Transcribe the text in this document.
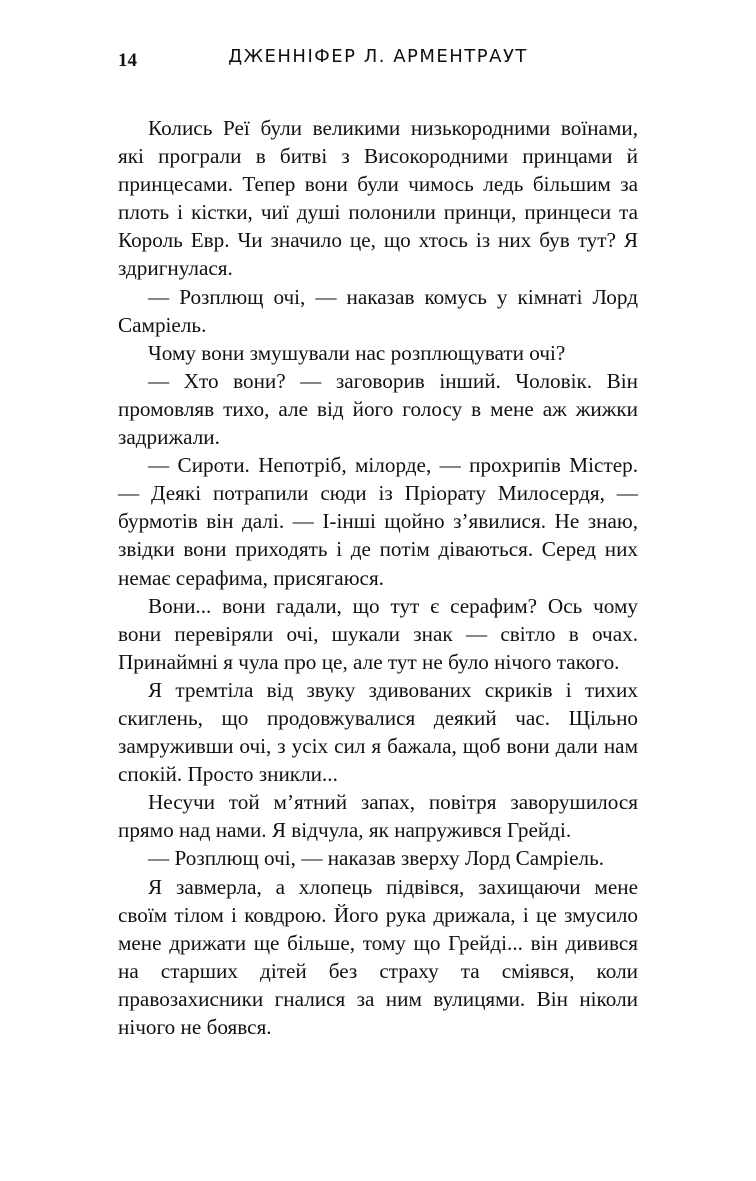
14	ДЖЕННІФЕР Л. АРМЕНТРАУТ

Колись Реї були великими низькородними воїнами, які програли в битві з Високородними принцами й принцесами. Тепер вони були чимось ледь більшим за плоть і кістки, чиї душі полонили принци, принцеси та Король Евр. Чи значило це, що хтось із них був тут? Я здригнулася.

— Розплющ очі, — наказав комусь у кімнаті Лорд Самріель.

Чому вони змушували нас розплющувати очі?

— Хто вони? — заговорив інший. Чоловік. Він промовляв тихо, але від його голосу в мене аж жижки задрижали.

— Сироти. Непотріб, мілорде, — прохрипів Містер. — Деякі потрапили сюди із Пріорату Милосердя, — бурмотів він далі. — І-інші щойно з’явилися. Не знаю, звідки вони приходять і де потім діваються. Серед них немає серафима, присягаюся.

Вони... вони гадали, що тут є серафим? Ось чому вони перевіряли очі, шукали знак — світло в очах. Принаймні я чула про це, але тут не було нічого такого.

Я тремтіла від звуку здивованих скриків і тихих скиглень, що продовжувалися деякий час. Щільно замруживши очі, з усіх сил я бажала, щоб вони дали нам спокій. Просто зникли...

Несучи той м’ятний запах, повітря заворушилося прямо над нами. Я відчула, як напружився Грейді.

— Розплющ очі, — наказав зверху Лорд Самріель.

Я завмерла, а хлопець підвівся, захищаючи мене своїм тілом і ковдрою. Його рука дрижала, і це змусило мене дрижати ще більше, тому що Грейді... він дивився на старших дітей без страху та сміявся, коли правозахисники гналися за ним вулицями. Він ніколи нічого не боявся.
